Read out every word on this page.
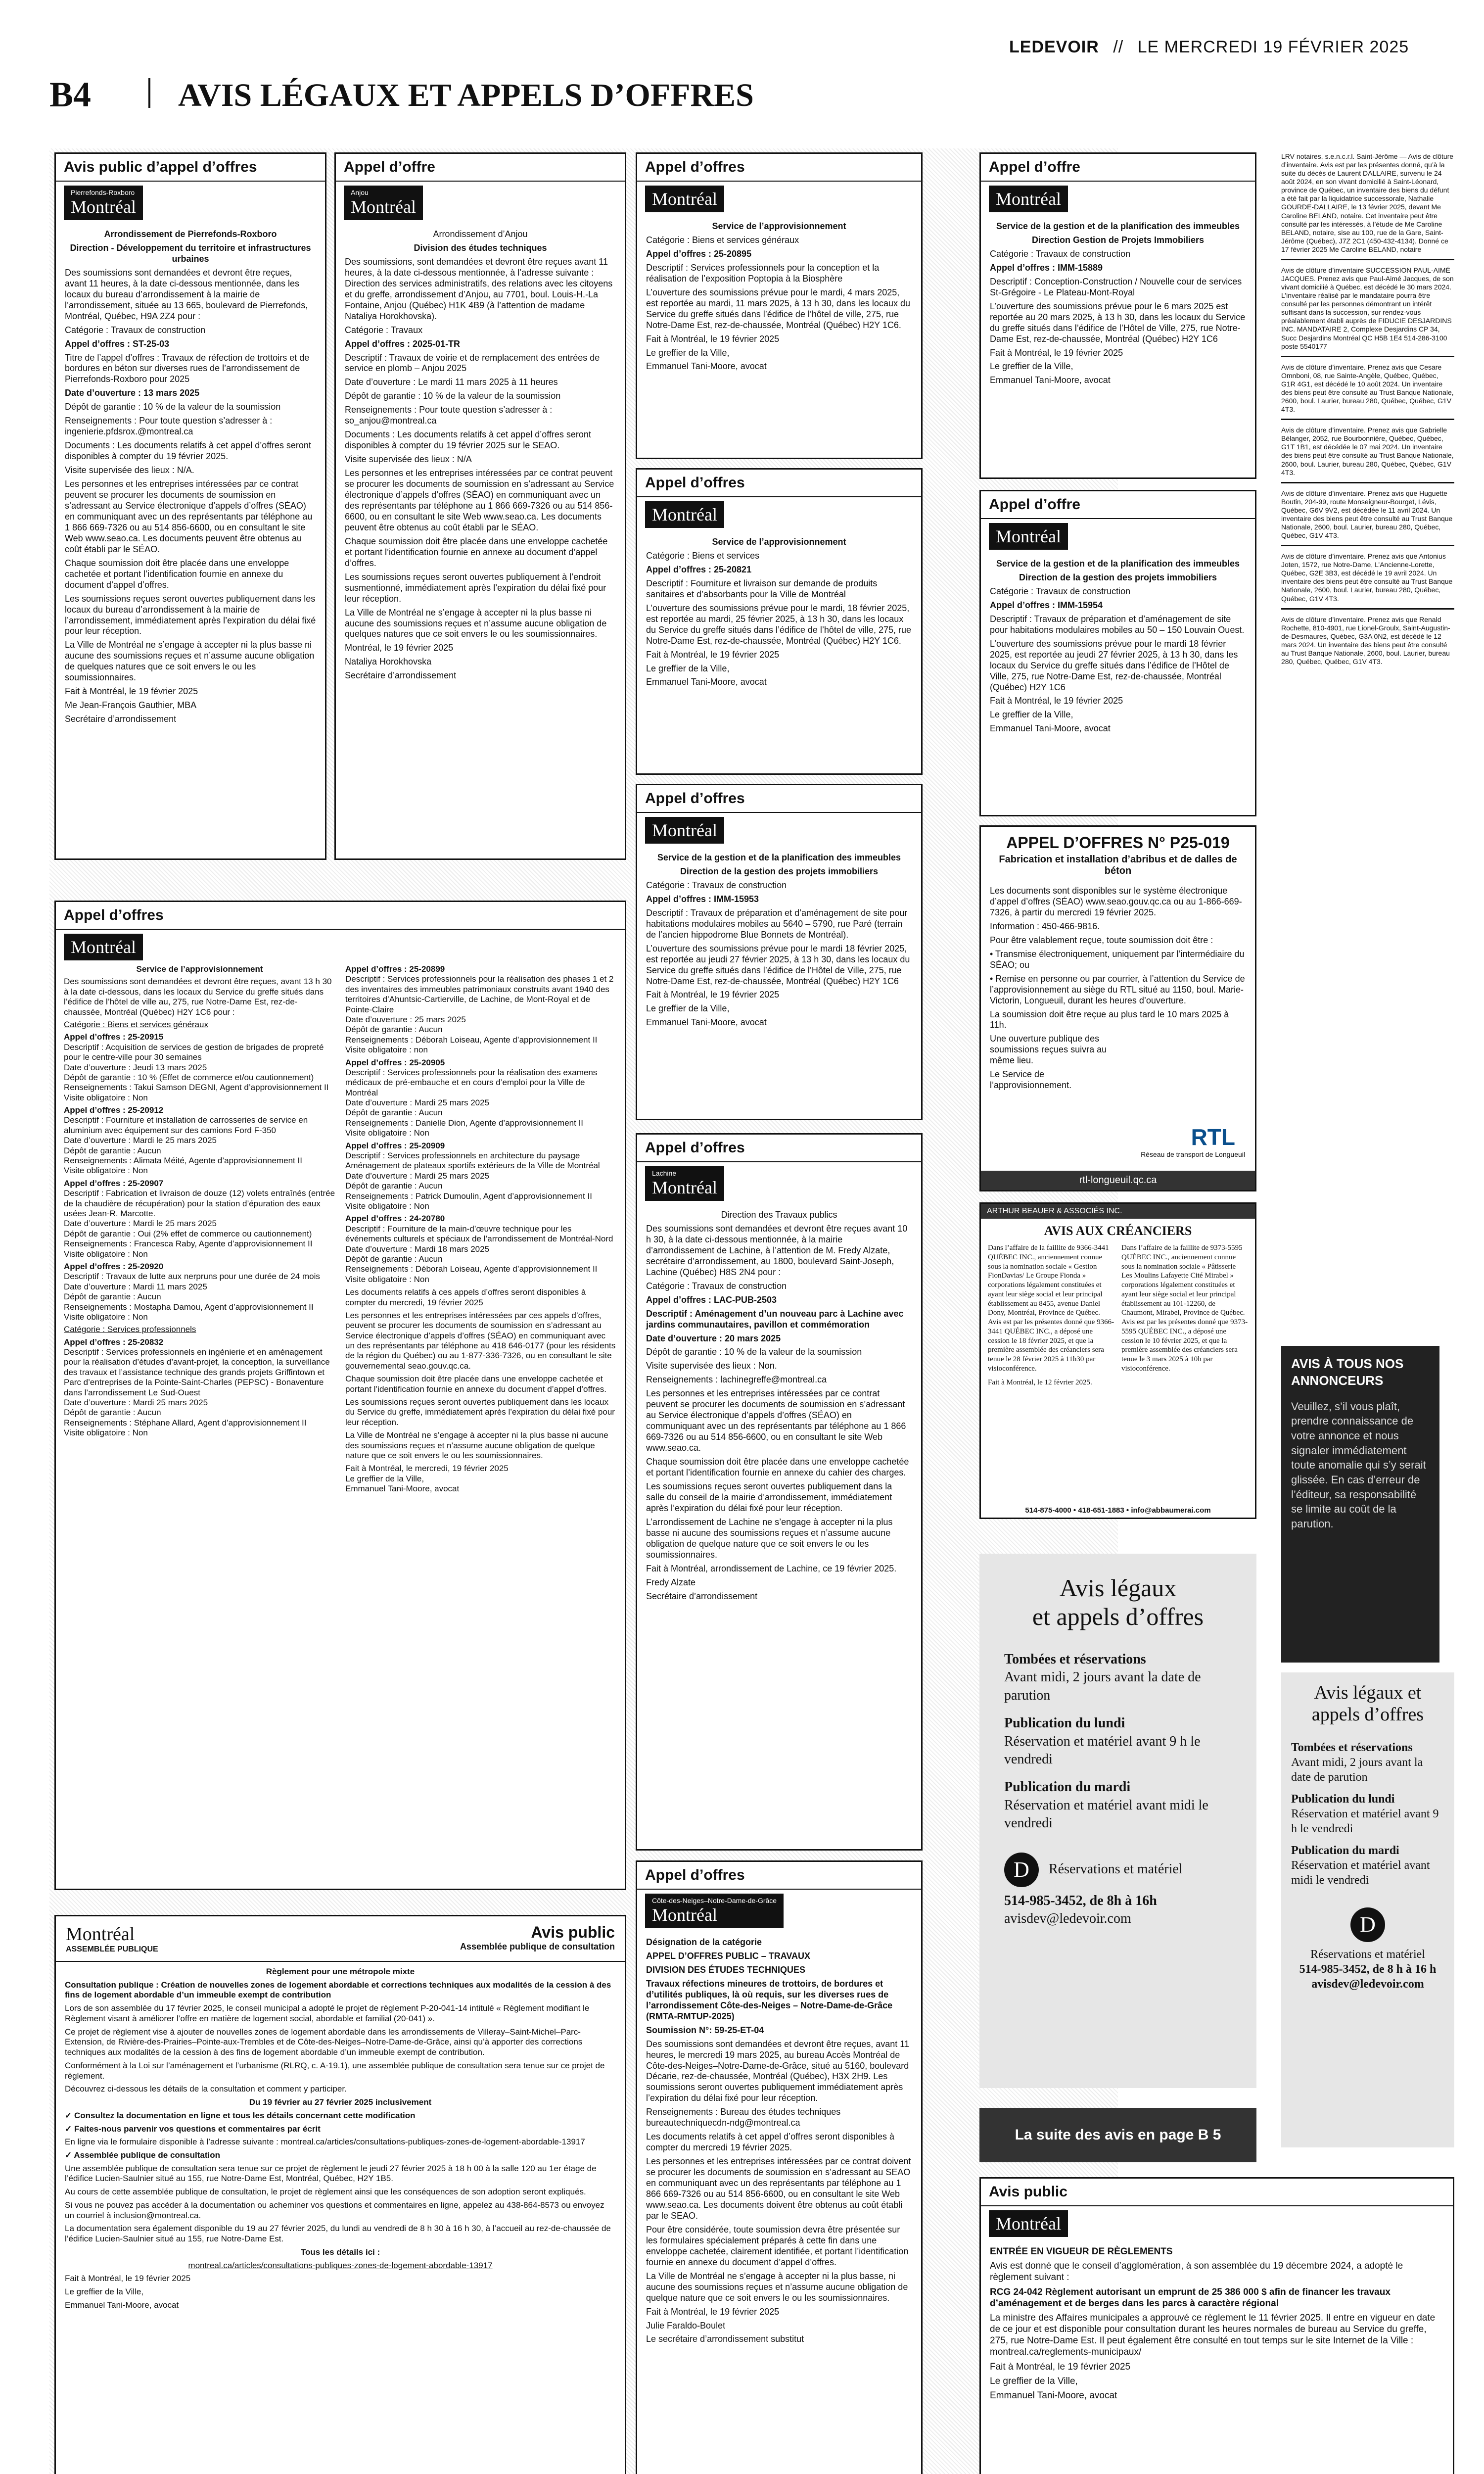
LEDEVOIR // LE MERCREDI 19 FÉVRIER 2025
B4	AVIS LÉGAUX ET APPELS D’OFFRES
Avis public d’appel d’offres
Pierrefonds-Roxboro
Montréal

Arrondissement de Pierrefonds-Roxboro

Direction - Développement du territoire et infrastructures urbaines

Des soumissions sont demandées et devront être reçues, avant 11 heures, à la date ci-dessous mentionnée, dans les locaux du bureau d’arrondissement à la mairie de l’arrondissement, située au 13 665, boulevard de Pierrefonds, Montréal, Québec, H9A 2Z4 pour :

Catégorie : Travaux de construction

Appel d’offres : ST-25-03

Titre de l’appel d’offres : Travaux de réfection de trottoirs et de bordures en béton sur diverses rues de l’arrondissement de Pierrefonds-Roxboro pour 2025

Date d’ouverture : 13 mars 2025

Dépôt de garantie : 10 % de la valeur de la soumission

Renseignements : Pour toute question s’adresser à : ingenierie.pfdsrox.@montreal.ca

Documents : Les documents relatifs à cet appel d’offres seront disponibles à compter du 19 février 2025.

Visite supervisée des lieux : N/A.

Les personnes et les entreprises intéressées par ce contrat peuvent se procurer les documents de soumission en s’adressant au Service électronique d’appels d’offres (SÉAO) en communiquant avec un des représentants par téléphone au 1 866 669-7326 ou au 514 856-6600, ou en consultant le site Web www.seao.ca. Les documents peuvent être obtenus au coût établi par le SÉAO.

Chaque soumission doit être placée dans une enveloppe cachetée et portant l’identification fournie en annexe du document d’appel d’offres.

Les soumissions reçues seront ouvertes publiquement dans les locaux du bureau d’arrondissement à la mairie de l’arrondissement, immédiatement après l’expiration du délai fixé pour leur réception.

La Ville de Montréal ne s’engage à accepter ni la plus basse ni aucune des soumissions reçues et n’assume aucune obligation de quelques natures que ce soit envers le ou les soumissionnaires.

Fait à Montréal, le 19 février 2025

Me Jean-François Gauthier, MBA

Secrétaire d’arrondissement

Appel d’offre
Anjou
Montréal

Arrondissement d’Anjou

Division des études techniques

Des soumissions, sont demandées et devront être reçues avant 11 heures, à la date ci-dessous mentionnée, à l’adresse suivante : Direction des services administratifs, des relations avec les citoyens et du greffe, arrondissement d’Anjou, au 7701, boul. Louis-H.-La Fontaine, Anjou (Québec) H1K 4B9 (à l’attention de madame Nataliya Horokhovska).

Catégorie : Travaux

Appel d’offres : 2025-01-TR

Descriptif : Travaux de voirie et de remplacement des entrées de service en plomb – Anjou 2025

Date d’ouverture : Le mardi 11 mars 2025 à 11 heures

Dépôt de garantie : 10 % de la valeur de la soumission

Renseignements : Pour toute question s’adresser à : so_anjou@montreal.ca

Documents : Les documents relatifs à cet appel d’offres seront disponibles à compter du 19 février 2025 sur le SEAO.

Visite supervisée des lieux : N/A

Les personnes et les entreprises intéressées par ce contrat peuvent se procurer les documents de soumission en s’adressant au Service électronique d’appels d’offres (SÉAO) en communiquant avec un des représentants par téléphone au 1 866 669-7326 ou au 514 856-6600, ou en consultant le site Web www.seao.ca. Les documents peuvent être obtenus au coût établi par le SÉAO.

Chaque soumission doit être placée dans une enveloppe cachetée et portant l’identification fournie en annexe au document d’appel d’offres.

Les soumissions reçues seront ouvertes publiquement à l’endroit susmentionné, immédiatement après l’expiration du délai fixé pour leur réception.

La Ville de Montréal ne s’engage à accepter ni la plus basse ni aucune des soumissions reçues et n’assume aucune obligation de quelques natures que ce soit envers le ou les soumissionnaires.

Montréal, le 19 février 2025

Nataliya Horokhovska

Secrétaire d’arrondissement

Appel d’offres
Montréal

Service de l’approvisionnement

Catégorie : Biens et services généraux

Appel d’offres : 25-20895

Descriptif : Services professionnels pour la conception et la réalisation de l’exposition Poptopia à la Biosphère

L’ouverture des soumissions prévue pour le mardi, 4 mars 2025, est reportée au mardi, 11 mars 2025, à 13 h 30, dans les locaux du Service du greffe situés dans l’édifice de l’hôtel de ville, 275, rue Notre-Dame Est, rez-de-chaussée, Montréal (Québec) H2Y 1C6.

Fait à Montréal, le 19 février 2025

Le greffier de la Ville,

Emmanuel Tani-Moore, avocat

Appel d’offres
Montréal

Service de l’approvisionnement

Catégorie : Biens et services

Appel d’offres : 25-20821

Descriptif : Fourniture et livraison sur demande de produits sanitaires et d’absorbants pour la Ville de Montréal

L’ouverture des soumissions prévue pour le mardi, 18 février 2025, est reportée au mardi, 25 février 2025, à 13 h 30, dans les locaux du Service du greffe situés dans l’édifice de l’hôtel de ville, 275, rue Notre-Dame Est, rez-de-chaussée, Montréal (Québec) H2Y 1C6.

Fait à Montréal, le 19 février 2025

Le greffier de la Ville,

Emmanuel Tani-Moore, avocat

Appel d’offres
Montréal

Service de la gestion et de la planification des immeubles

Direction de la gestion des projets immobiliers

Catégorie : Travaux de construction

Appel d’offres : IMM-15953

Descriptif : Travaux de préparation et d’aménagement de site pour habitations modulaires mobiles au 5640 – 5790, rue Paré (terrain de l’ancien hippodrome Blue Bonnets de Montréal).

L’ouverture des soumissions prévue pour le mardi 18 février 2025, est reportée au jeudi 27 février 2025, à 13 h 30, dans les locaux du Service du greffe situés dans l’édifice de l’Hôtel de Ville, 275, rue Notre-Dame Est, rez-de-chaussée, Montréal (Québec) H2Y 1C6

Fait à Montréal, le 19 février 2025

Le greffier de la Ville,

Emmanuel Tani-Moore, avocat

Appel d’offre
Montréal

Service de la gestion et de la planification des immeubles

Direction Gestion de Projets Immobiliers

Catégorie : Travaux de construction

Appel d’offres : IMM-15889

Descriptif : Conception-Construction / Nouvelle cour de services St-Grégoire - Le Plateau-Mont-Royal

L’ouverture des soumissions prévue pour le 6 mars 2025 est reportée au 20 mars 2025, à 13 h 30, dans les locaux du Service du greffe situés dans l’édifice de l’Hôtel de Ville, 275, rue Notre-Dame Est, rez-de-chaussée, Montréal (Québec) H2Y 1C6

Fait à Montréal, le 19 février 2025

Le greffier de la Ville,

Emmanuel Tani-Moore, avocat

Appel d’offre
Montréal

Service de la gestion et de la planification des immeubles

Direction de la gestion des projets immobiliers

Catégorie : Travaux de construction

Appel d’offres : IMM-15954

Descriptif : Travaux de préparation et d’aménagement de site pour habitations modulaires mobiles au 50 – 150 Louvain Ouest.

L’ouverture des soumissions prévue pour le mardi 18 février 2025, est reportée au jeudi 27 février 2025, à 13 h 30, dans les locaux du Service du greffe situés dans l’édifice de l’Hôtel de Ville, 275, rue Notre-Dame Est, rez-de-chaussée, Montréal (Québec) H2Y 1C6

Fait à Montréal, le 19 février 2025

Le greffier de la Ville,

Emmanuel Tani-Moore, avocat

APPEL D’OFFRES N° P25-019
Fabrication et installation d’abribus et de dalles de béton

Les documents sont disponibles sur le système électronique d’appel d’offres (SÉAO) www.seao.gouv.qc.ca ou au 1-866-669-7326, à partir du mercredi 19 février 2025.

Information : 450-466-9816.

Pour être valablement reçue, toute soumission doit être :

• Transmise électroniquement, uniquement par l’intermédiaire du SÉAO; ou

• Remise en personne ou par courrier, à l’attention du Service de l’approvisionnement au siège du RTL situé au 1150, boul. Marie-Victorin, Longueuil, durant les heures d’ouverture.

La soumission doit être reçue au plus tard le 10 mars 2025 à 11h.

Une ouverture publique des soumissions reçues suivra au même lieu.

Le Service de l’approvisionnement.

RTL
Réseau de transport de Longueuil
rtl-longueuil.qc.ca
ARTHUR BEAUER & ASSOCIÉS INC.
AVIS AUX CRÉANCIERS
Dans l’affaire de la faillite de 9366-3441 QUÉBEC INC., anciennement connue sous la nomination sociale « Gestion FionDavias/ Le Groupe Fionda » corporations légalement constituées et ayant leur siège social et leur principal établissement au 8455, avenue Daniel Dony, Montréal, Province de Québec. Avis est par les présentes donné que 9366-3441 QUÉBEC INC., a déposé une cession le 18 février 2025, et que la première assemblée des créanciers sera tenue le 28 février 2025 à 11h30 par visioconférence.
Dans l’affaire de la faillite de 9373-5595 QUÉBEC INC., anciennement connue sous la nomination sociale « Pâtisserie Les Moulins Lafayette Cité Mirabel » corporations légalement constituées et ayant leur siège social et leur principal établissement au 101-12260, de Chaumont, Mirabel, Province de Québec. Avis est par les présentes donné que 9373-5595 QUÉBEC INC., a déposé une cession le 10 février 2025, et que la première assemblée des créanciers sera tenue le 3 mars 2025 à 10h par visioconférence.
Fait à Montréal, le 12 février 2025.
514-875-4000 • 418-651-1883 • info@abbaumerai.com
Appel d’offres
Montréal

Service de l’approvisionnement

Des soumissions sont demandées et devront être reçues, avant 13 h 30 à la date ci-dessous, dans les locaux du Service du greffe situés dans l’édifice de l’hôtel de ville au, 275, rue Notre-Dame Est, rez-de-chaussée, Montréal (Québec) H2Y 1C6 pour :

Catégorie : Biens et services généraux

Appel d’offres : 25-20915

Descriptif : Acquisition de services de gestion de brigades de propreté pour le centre-ville pour 30 semaines

Date d’ouverture : Jeudi 13 mars 2025

Dépôt de garantie : 10 % (Effet de commerce et/ou cautionnement)

Renseignements : Takui Samson DEGNI, Agent d’approvisionnement II

Visite obligatoire : Non

Appel d’offres : 25-20912

Descriptif : Fourniture et installation de carrosseries de service en aluminium avec équipement sur des camions Ford F-350

Date d’ouverture : Mardi le 25 mars 2025

Dépôt de garantie : Aucun

Renseignements : Alimata Méité, Agente d’approvisionnement II

Visite obligatoire : Non

Appel d’offres : 25-20907

Descriptif : Fabrication et livraison de douze (12) volets entraînés (entrée de la chaudière de récupération) pour la station d’épuration des eaux usées Jean-R. Marcotte.

Date d’ouverture : Mardi le 25 mars 2025

Dépôt de garantie : Oui (2% effet de commerce ou cautionnement)

Renseignements : Francesca Raby, Agente d’approvisionnement II

Visite obligatoire : Non

Appel d’offres : 25-20920

Descriptif : Travaux de lutte aux nerpruns pour une durée de 24 mois

Date d’ouverture : Mardi 11 mars 2025

Dépôt de garantie : Aucun

Renseignements : Mostapha Damou, Agent d’approvisionnement II

Visite obligatoire : Non

Catégorie : Services professionnels

Appel d’offres : 25-20832

Descriptif : Services professionnels en ingénierie et en aménagement pour la réalisation d’études d’avant-projet, la conception, la surveillance des travaux et l’assistance technique des grands projets Griffintown et Parc d’entreprises de la Pointe-Saint-Charles (PEPSC) - Bonaventure dans l’arrondissement Le Sud-Ouest

Date d’ouverture : Mardi 25 mars 2025

Dépôt de garantie : Aucun

Renseignements : Stéphane Allard, Agent d’approvisionnement II

Visite obligatoire : Non

Appel d’offres : 25-20899

Descriptif : Services professionnels pour la réalisation des phases 1 et 2 des inventaires des immeubles patrimoniaux construits avant 1940 des territoires d’Ahuntsic-Cartierville, de Lachine, de Mont-Royal et de Pointe-Claire

Date d’ouverture : 25 mars 2025

Dépôt de garantie : Aucun

Renseignements : Déborah Loiseau, Agente d’approvisionnement II

Visite obligatoire : non

Appel d’offres : 25-20905

Descriptif : Services professionnels pour la réalisation des examens médicaux de pré-embauche et en cours d’emploi pour la Ville de Montréal

Date d’ouverture : Mardi 25 mars 2025

Dépôt de garantie : Aucun

Renseignements : Danielle Dion, Agente d’approvisionnement II

Visite obligatoire : Non

Appel d’offres : 25-20909

Descriptif : Services professionnels en architecture du paysage Aménagement de plateaux sportifs extérieurs de la Ville de Montréal

Date d’ouverture : Mardi 25 mars 2025

Dépôt de garantie : Aucun

Renseignements : Patrick Dumoulin, Agent d’approvisionnement II

Visite obligatoire : Non

Appel d’offres : 24-20780

Descriptif : Fourniture de la main-d’œuvre technique pour les événements culturels et spéciaux de l’arrondissement de Montréal-Nord

Date d’ouverture : Mardi 18 mars 2025

Dépôt de garantie : Aucun

Renseignements : Déborah Loiseau, Agente d’approvisionnement II

Visite obligatoire : Non

Les documents relatifs à ces appels d’offres seront disponibles à compter du mercredi, 19 février 2025

Les personnes et les entreprises intéressées par ces appels d’offres, peuvent se procurer les documents de soumission en s’adressant au Service électronique d’appels d’offres (SÉAO) en communiquant avec un des représentants par téléphone au 418 646-0177 (pour les résidents de la région du Québec) ou au 1-877-336-7326, ou en consultant le site gouvernemental seao.gouv.qc.ca.

Chaque soumission doit être placée dans une enveloppe cachetée et portant l’identification fournie en annexe du document d’appel d’offres.

Les soumissions reçues seront ouvertes publiquement dans les locaux du Service du greffe, immédiatement après l’expiration du délai fixé pour leur réception.

La Ville de Montréal ne s’engage à accepter ni la plus basse ni aucune des soumissions reçues et n’assume aucune obligation de quelque nature que ce soit envers le ou les soumissionnaires.

Fait à Montréal, le mercredi, 19 février 2025

Le greffier de la Ville,

Emmanuel Tani-Moore, avocat

Appel d’offres
Lachine
Montréal

Direction des Travaux publics

Des soumissions sont demandées et devront être reçues avant 10 h 30, à la date ci-dessous mentionnée, à la mairie d’arrondissement de Lachine, à l’attention de M. Fredy Alzate, secrétaire d’arrondissement, au 1800, boulevard Saint-Joseph, Lachine (Québec) H8S 2N4 pour :

Catégorie : Travaux de construction

Appel d’offres : LAC-PUB-2503

Descriptif : Aménagement d’un nouveau parc à Lachine avec jardins communautaires, pavillon et commémoration

Date d’ouverture : 20 mars 2025

Dépôt de garantie : 10 % de la valeur de la soumission

Visite supervisée des lieux : Non.

Renseignements : lachinegreffe@montreal.ca

Les personnes et les entreprises intéressées par ce contrat peuvent se procurer les documents de soumission en s’adressant au Service électronique d’appels d’offres (SÉAO) en communiquant avec un des représentants par téléphone au 1 866 669-7326 ou au 514 856-6600, ou en consultant le site Web www.seao.ca.

Chaque soumission doit être placée dans une enveloppe cachetée et portant l’identification fournie en annexe du cahier des charges.

Les soumissions reçues seront ouvertes publiquement dans la salle du conseil de la mairie d’arrondissement, immédiatement après l’expiration du délai fixé pour leur réception.

L’arrondissement de Lachine ne s’engage à accepter ni la plus basse ni aucune des soumissions reçues et n’assume aucune obligation de quelque nature que ce soit envers le ou les soumissionnaires.

Fait à Montréal, arrondissement de Lachine, ce 19 février 2025.

Fredy Alzate

Secrétaire d’arrondissement

Appel d’offres
Côte-des-Neiges–Notre-Dame-de-Grâce
Montréal

Désignation de la catégorie

APPEL D’OFFRES PUBLIC – TRAVAUX

DIVISION DES ÉTUDES TECHNIQUES

Travaux réfections mineures de trottoirs, de bordures et d’utilités publiques, là où requis, sur les diverses rues de l’arrondissement Côte-des-Neiges – Notre-Dame-de-Grâce (RMTA-RMTUP-2025)

Soumission N°: 59-25-ET-04

Des soumissions sont demandées et devront être reçues, avant 11 heures, le mercredi 19 mars 2025, au bureau Accès Montréal de Côte-des-Neiges–Notre-Dame-de-Grâce, situé au 5160, boulevard Décarie, rez-de-chaussée, Montréal (Québec), H3X 2H9. Les soumissions seront ouvertes publiquement immédiatement après l’expiration du délai fixé pour leur réception.

Renseignements : Bureau des études techniques bureautechniquecdn-ndg@montreal.ca

Les documents relatifs à cet appel d’offres seront disponibles à compter du mercredi 19 février 2025.

Les personnes et les entreprises intéressées par ce contrat doivent se procurer les documents de soumission en s’adressant au SEAO en communiquant avec un des représentants par téléphone au 1 866 669-7326 ou au 514 856-6600, ou en consultant le site Web www.seao.ca. Les documents doivent être obtenus au coût établi par le SEAO.

Pour être considérée, toute soumission devra être présentée sur les formulaires spécialement préparés à cette fin dans une enveloppe cachetée, clairement identifiée, et portant l’identification fournie en annexe du document d’appel d’offres.

La Ville de Montréal ne s’engage à accepter ni la plus basse, ni aucune des soumissions reçues et n’assume aucune obligation de quelque nature que ce soit envers le ou les soumissionnaires.

Fait à Montréal, le 19 février 2025

Julie Faraldo-Boulet

Le secrétaire d’arrondissement substitut

Montréal
ASSEMBLÉE PUBLIQUE
Avis public
Assemblée publique de consultation

Règlement pour une métropole mixte

Consultation publique : Création de nouvelles zones de logement abordable et corrections techniques aux modalités de la cession à des fins de logement abordable d’un immeuble exempt de contribution

Lors de son assemblée du 17 février 2025, le conseil municipal a adopté le projet de règlement P-20-041-14 intitulé « Règlement modifiant le Règlement visant à améliorer l’offre en matière de logement social, abordable et familial (20-041) ».

Ce projet de règlement vise à ajouter de nouvelles zones de logement abordable dans les arrondissements de Villeray–Saint-Michel–Parc-Extension, de Rivière-des-Prairies–Pointe-aux-Trembles et de Côte-des-Neiges–Notre-Dame-de-Grâce, ainsi qu’à apporter des corrections techniques aux modalités de la cession à des fins de logement abordable d’un immeuble exempt de contribution.

Conformément à la Loi sur l’aménagement et l’urbanisme (RLRQ, c. A-19.1), une assemblée publique de consultation sera tenue sur ce projet de règlement.

Découvrez ci-dessous les détails de la consultation et comment y participer.

Du 19 février au 27 février 2025 inclusivement

✓ Consultez la documentation en ligne et tous les détails concernant cette modification

✓ Faites-nous parvenir vos questions et commentaires par écrit

En ligne via le formulaire disponible à l’adresse suivante : montreal.ca/articles/consultations-publiques-zones-de-logement-abordable-13917

✓ Assemblée publique de consultation

Une assemblée publique de consultation sera tenue sur ce projet de règlement le jeudi 27 février 2025 à 18 h 00 à la salle 120 au 1er étage de l’édifice Lucien-Saulnier situé au 155, rue Notre-Dame Est, Montréal, Québec, H2Y 1B5.

Au cours de cette assemblée publique de consultation, le projet de règlement ainsi que les conséquences de son adoption seront expliqués.

Si vous ne pouvez pas accéder à la documentation ou acheminer vos questions et commentaires en ligne, appelez au 438-864-8573 ou envoyez un courriel à inclusion@montreal.ca.

La documentation sera également disponible du 19 au 27 février 2025, du lundi au vendredi de 8 h 30 à 16 h 30, à l’accueil au rez-de-chaussée de l’édifice Lucien-Saulnier situé au 155, rue Notre-Dame Est.

Tous les détails ici :

montreal.ca/articles/consultations-publiques-zones-de-logement-abordable-13917

Fait à Montréal, le 19 février 2025

Le greffier de la Ville,

Emmanuel Tani-Moore, avocat

Avis légaux
et appels d’offres
Tombées et réservations
Avant midi, 2 jours avant la date de parution
Publication du lundi
Réservation et matériel avant 9 h le vendredi
Publication du mardi
Réservation et matériel avant midi le vendredi
D	Réservations et matériel
514-985-3452, de 8h à 16h
avisdev@ledevoir.com
La suite des avis en page B 5
Avis public
Montréal

ENTRÉE EN VIGUEUR DE RÈGLEMENTS

Avis est donné que le conseil d’agglomération, à son assemblée du 19 décembre 2024, a adopté le règlement suivant :

RCG 24-042 Règlement autorisant un emprunt de 25 386 000 $ afin de financer les travaux d’aménagement et de berges dans les parcs à caractère régional

La ministre des Affaires municipales a approuvé ce règlement le 11 février 2025. Il entre en vigueur en date de ce jour et est disponible pour consultation durant les heures normales de bureau au Service du greffe, 275, rue Notre-Dame Est. Il peut également être consulté en tout temps sur le site Internet de la Ville : montreal.ca/reglements-municipaux/

Fait à Montréal, le 19 février 2025

Le greffier de la Ville,

Emmanuel Tani-Moore, avocat

LRV notaires, s.e.n.c.r.l. Saint-Jérôme — Avis de clôture d’inventaire. Avis est par les présentes donné, qu’à la suite du décès de Laurent DALLAIRE, survenu le 24 août 2024, en son vivant domicilié à Saint-Léonard, province de Québec, un inventaire des biens du défunt a été fait par la liquidatrice successorale, Nathalie GOURDE-DALLAIRE, le 13 février 2025, devant Me Caroline BELAND, notaire. Cet inventaire peut être consulté par les intéressés, à l’étude de Me Caroline BELAND, notaire, sise au 100, rue de la Gare, Saint-Jérôme (Québec), J7Z 2C1 (450-432-4134). Donné ce 17 février 2025 Me Caroline BELAND, notaire

Avis de clôture d’inventaire SUCCESSION PAUL-AIMÉ JACQUES. Prenez avis que Paul-Aimé Jacques, de son vivant domicilié à Québec, est décédé le 30 mars 2024. L’inventaire réalisé par le mandataire pourra être consulté par les personnes démontrant un intérêt suffisant dans la succession, sur rendez-vous préalablement établi auprès de FIDUCIE DESJARDINS INC. MANDATAIRE 2, Complexe Desjardins CP 34, Succ Desjardins Montréal QC H5B 1E4 514-286-3100 poste 5540177

Avis de clôture d’inventaire. Prenez avis que Cesare Omnboni, 08, rue Sainte-Angèle, Québec, Québec, G1R 4G1, est décédé le 10 août 2024. Un inventaire des biens peut être consulté au Trust Banque Nationale, 2600, boul. Laurier, bureau 280, Québec, Québec, G1V 4T3.

Avis de clôture d’inventaire. Prenez avis que Gabrielle Bélanger, 2052, rue Bourbonnière, Québec, Québec, G1T 1B1, est décédée le 07 mai 2024. Un inventaire des biens peut être consulté au Trust Banque Nationale, 2600, boul. Laurier, bureau 280, Québec, Québec, G1V 4T3.

Avis de clôture d’inventaire. Prenez avis que Huguette Boutin, 204-99, route Monseigneur-Bourget, Lévis, Québec, G6V 9V2, est décédée le 11 avril 2024. Un inventaire des biens peut être consulté au Trust Banque Nationale, 2600, boul. Laurier, bureau 280, Québec, Québec, G1V 4T3.

Avis de clôture d’inventaire. Prenez avis que Antonius Joten, 1572, rue Notre-Dame, L’Ancienne-Lorette, Québec, G2E 3B3, est décédé le 19 avril 2024. Un inventaire des biens peut être consulté au Trust Banque Nationale, 2600, boul. Laurier, bureau 280, Québec, Québec, G1V 4T3.

Avis de clôture d’inventaire. Prenez avis que Renald Rochette, 810-4901, rue Lionel-Groulx, Saint-Augustin-de-Desmaures, Québec, G3A 0N2, est décédé le 12 mars 2024. Un inventaire des biens peut être consulté au Trust Banque Nationale, 2600, boul. Laurier, bureau 280, Québec, Québec, G1V 4T3.

AVIS À TOUS NOS ANNONCEURS
Veuillez, s’il vous plaît, prendre connaissance de votre annonce et nous signaler immédiatement toute anomalie qui s’y serait glissée. En cas d’erreur de l’éditeur, sa responsabilité se limite au coût de la parution.
Avis légaux et appels d’offres
Tombées et réservations
Avant midi, 2 jours avant la date de parution
Publication du lundi
Réservation et matériel avant 9 h le vendredi
Publication du mardi
Réservation et matériel avant midi le vendredi
D
Réservations et matériel
514-985-3452, de 8 h à 16 h
avisdev@ledevoir.com
